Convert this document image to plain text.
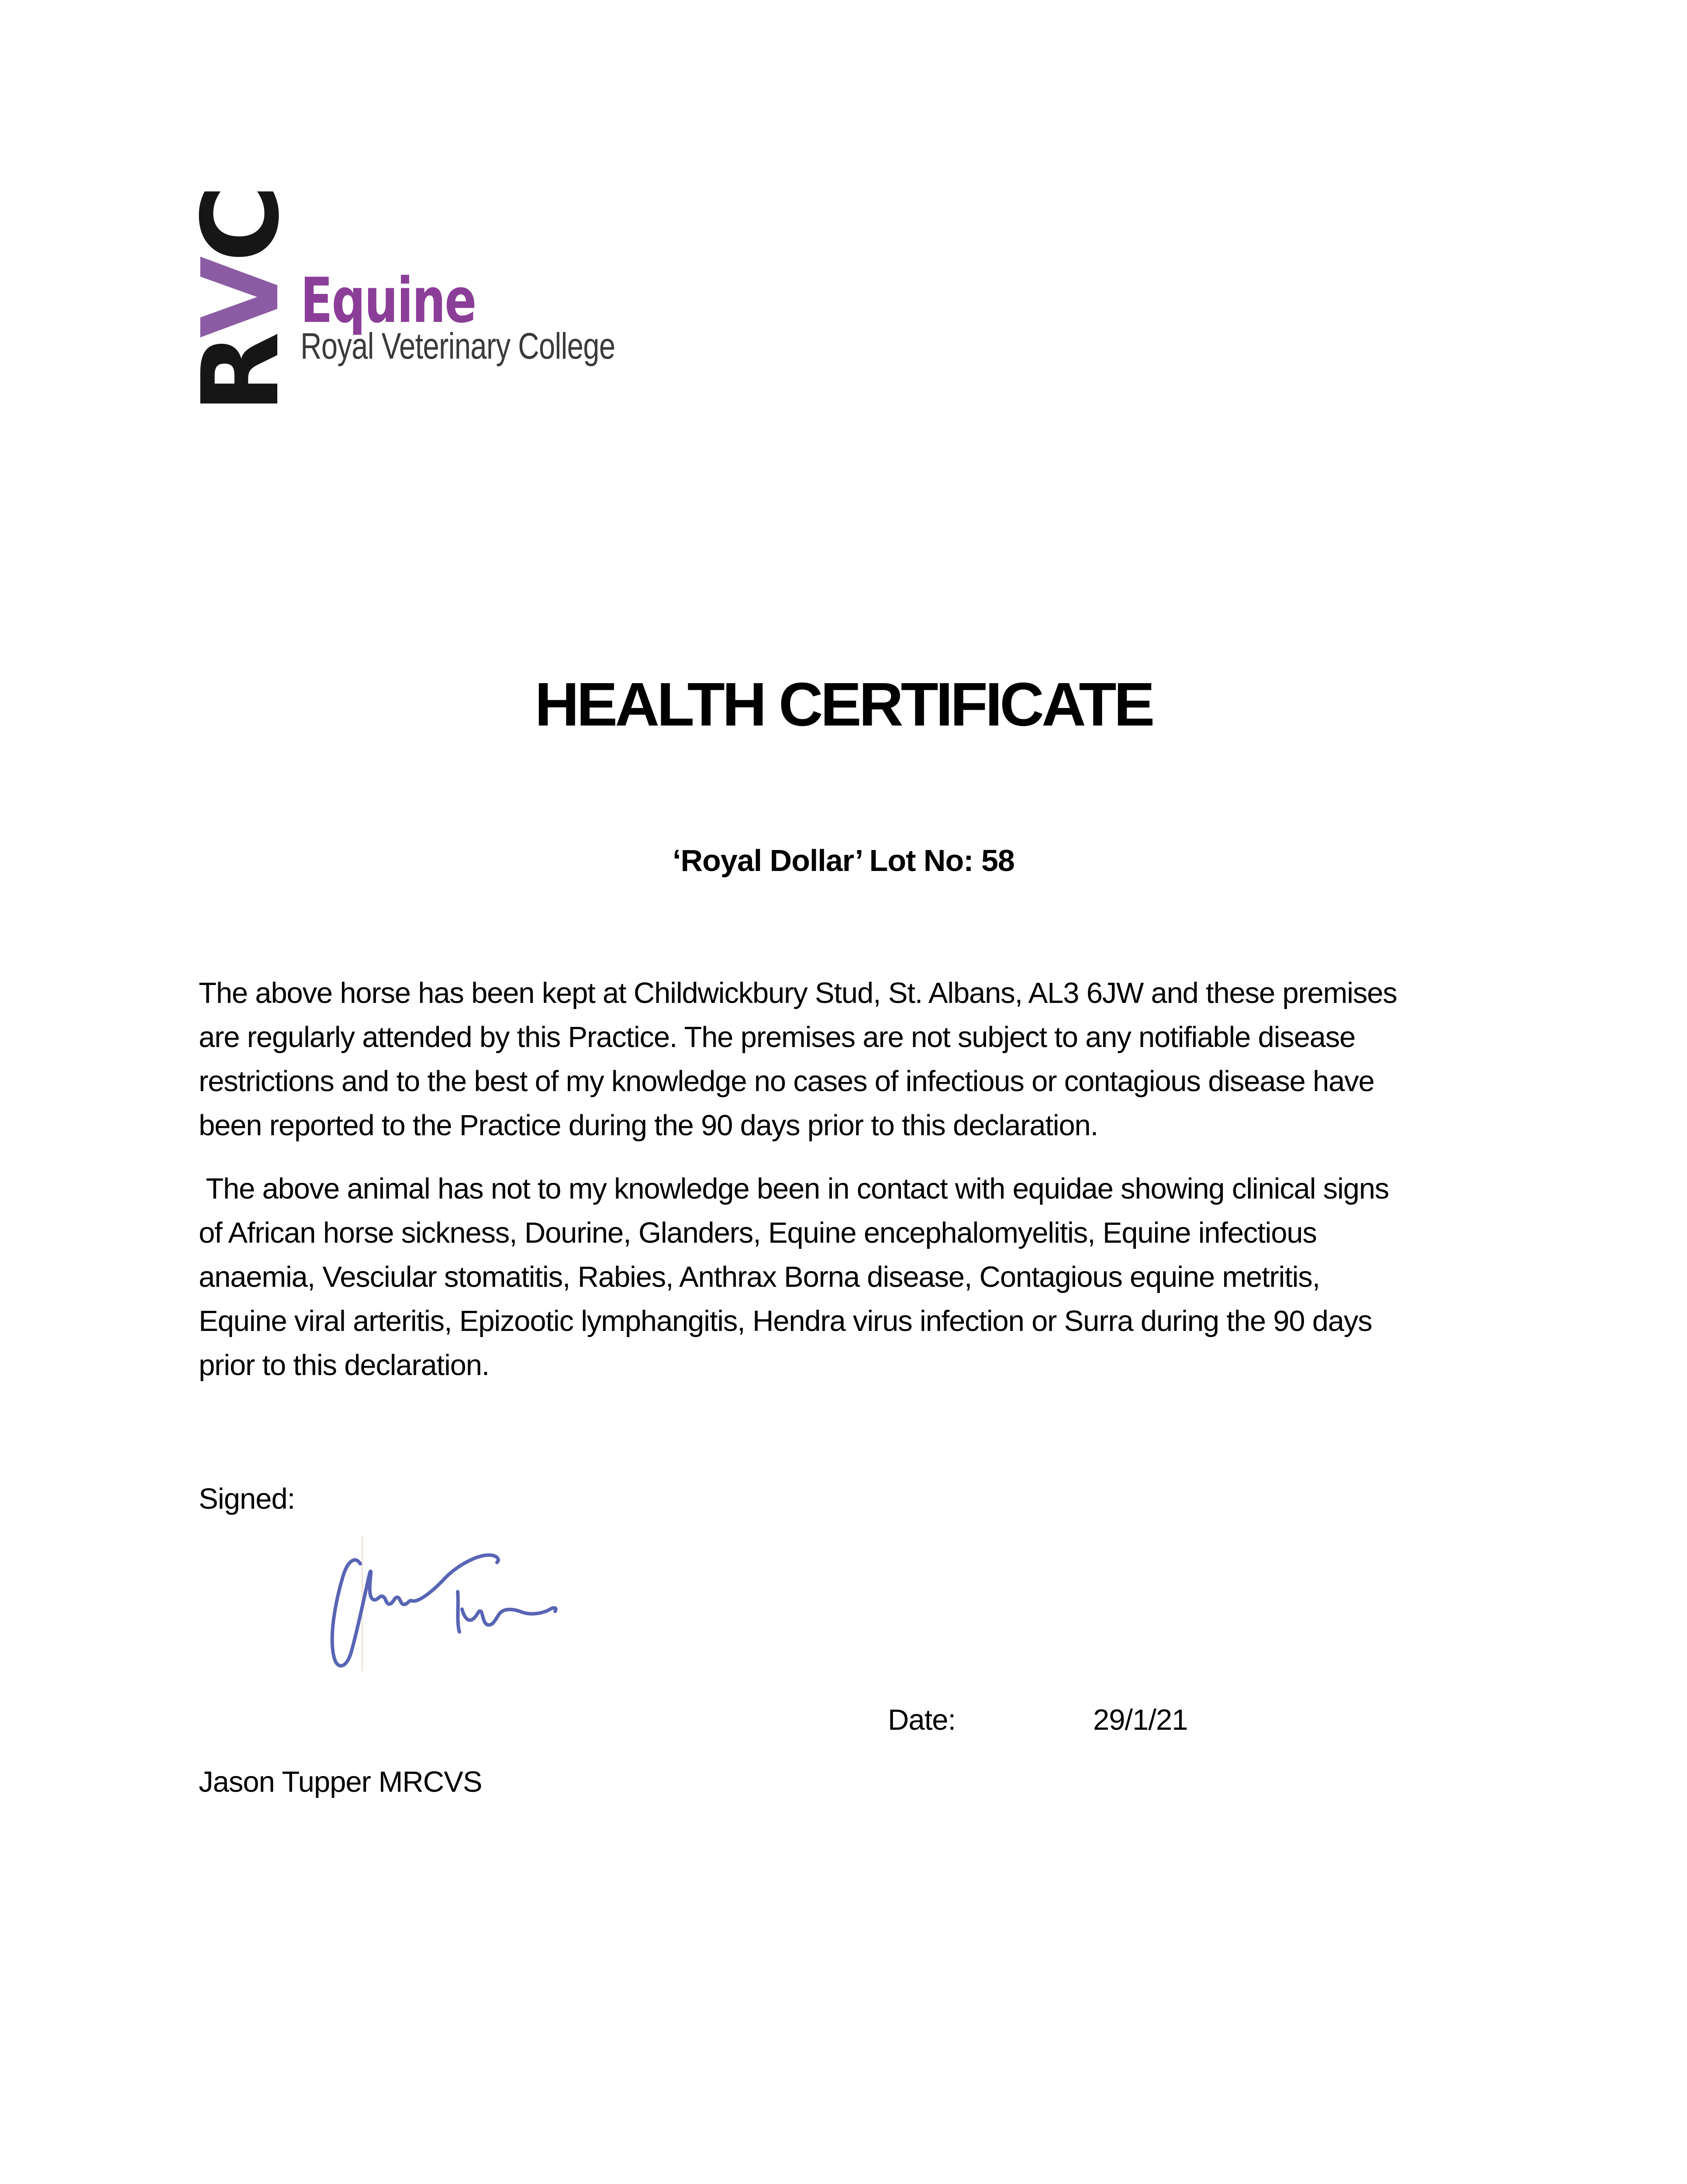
RVC
Equine
Royal Veterinary College
HEALTH CERTIFICATE
‘Royal Dollar’ Lot No: 58
The above horse has been kept at Childwickbury Stud, St. Albans, AL3 6JW and these premises
are regularly attended by this Practice. The premises are not subject to any notifiable disease
restrictions and to the best of my knowledge no cases of infectious or contagious disease have
been reported to the Practice during the 90 days prior to this declaration.
The above animal has not to my knowledge been in contact with equidae showing clinical signs
of African horse sickness, Dourine, Glanders, Equine encephalomyelitis, Equine infectious
anaemia, Vesciular stomatitis, Rabies, Anthrax Borna disease, Contagious equine metritis,
Equine viral arteritis, Epizootic lymphangitis, Hendra virus infection or Surra during the 90 days
prior to this declaration.
Signed:
Date:	29/1/21
Jason Tupper MRCVS
